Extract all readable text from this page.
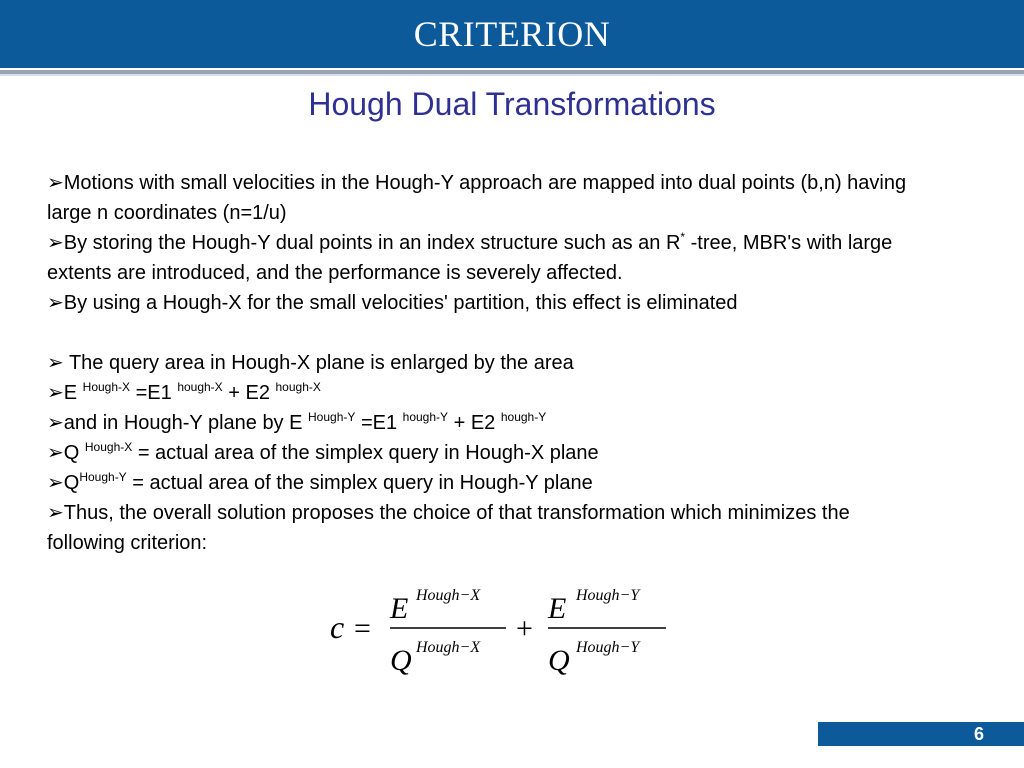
CRITERION
Hough Dual Transformations
➢Motions with small velocities in the Hough-Y approach are mapped into dual points (b,n) having
large n coordinates (n=1/u)
➢By storing the Hough-Y dual points in an index structure such as an R* -tree, MBR's with large
extents are introduced, and the performance is severely affected.
➢By using a Hough-X for the small velocities' partition, this effect is eliminated
➢ The query area in Hough-X plane is enlarged by the area
➢E $^{Hough-X}$ =E1 $^{hough-X}$ + E2 $^{hough-X}$
➢and in Hough-Y plane by E $^{Hough-Y}$ =E1 $^{hough-Y}$ + E2 $^{hough-Y}$
➢Q $^{Hough-X}$ = actual area of the simplex query in Hough-X plane
$➢Q^{Hough-Y}$ = actual area of the simplex query in Hough-Y plane
➢Thus, the overall solution proposes the choice of that transformation which minimizes the
following criterion:
c =	+
E Hough−X
Q Hough−X
E Hough−Y
Q Hough−Y
6
